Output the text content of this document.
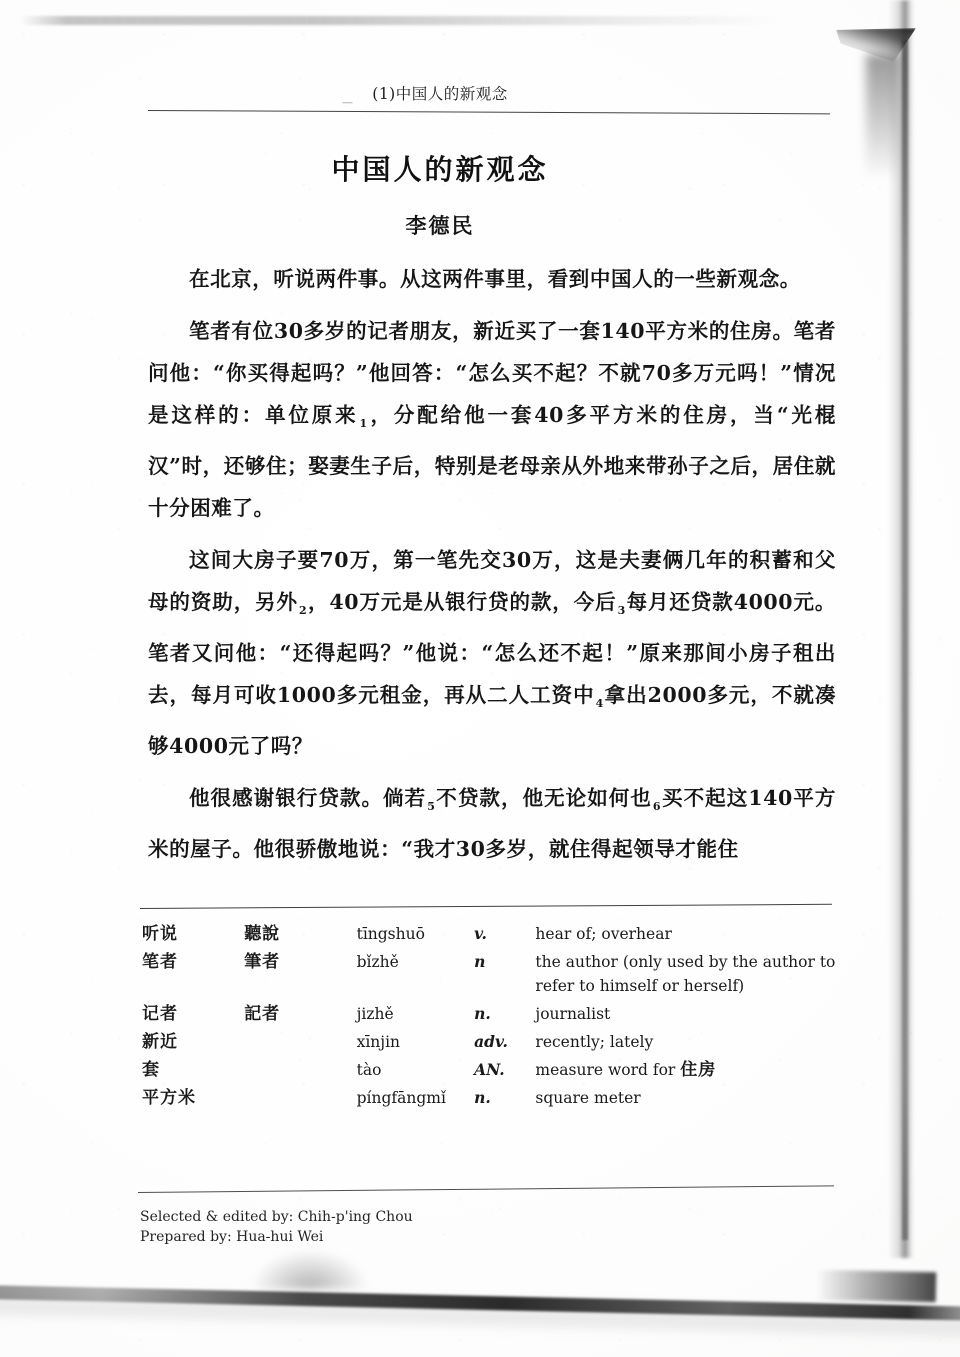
(1)中国人的新观念
—
中国人的新观念
李德民

在北京，听说两件事。从这两件事里，看到中国人的一些新观念。

笔者有位30多岁的记者朋友，新近买了一套140平方米的住房。笔者问他：“你买得起吗？”他回答：“怎么买不起？不就70多万元吗！”情况是这样的：单位原来$_1$，分配给他一套40多平方米的住房，当“光棍汉”时，还够住；娶妻生子后，特别是老母亲从外地来带孙子之后，居住就十分困难了。

这间大房子要70万，第一笔先交30万，这是夫妻俩几年的积蓄和父母的资助，另外$_2$，40万元是从银行贷的款，今后$_3$每月还贷款4000元。笔者又问他：“还得起吗？”他说：“怎么还不起！”原来那间小房子租出去，每月可收1000多元租金，再从二人工资中$_4$拿出2000多元，不就凑够4000元了吗？

他很感谢银行贷款。倘若$_5$不贷款，他无论如何也$_6$买不起这140平方米的屋子。他很骄傲地说：“我才30多岁，就住得起领导才能住

听说	聽說	tīngshuō	v.	hear of; overhear
笔者	筆者	bǐzhě	n	the author (only used by the author to refer to himself or herself)
记者	記者	jizhě	n.	journalist
新近		xīnjin	adv.	recently; lately
套		tào	AN.	measure word for 住房
平方米		píngfāngmǐ	n.	square meter
Selected & edited by: Chih-p'ing Chou
Prepared by: Hua-hui Wei
